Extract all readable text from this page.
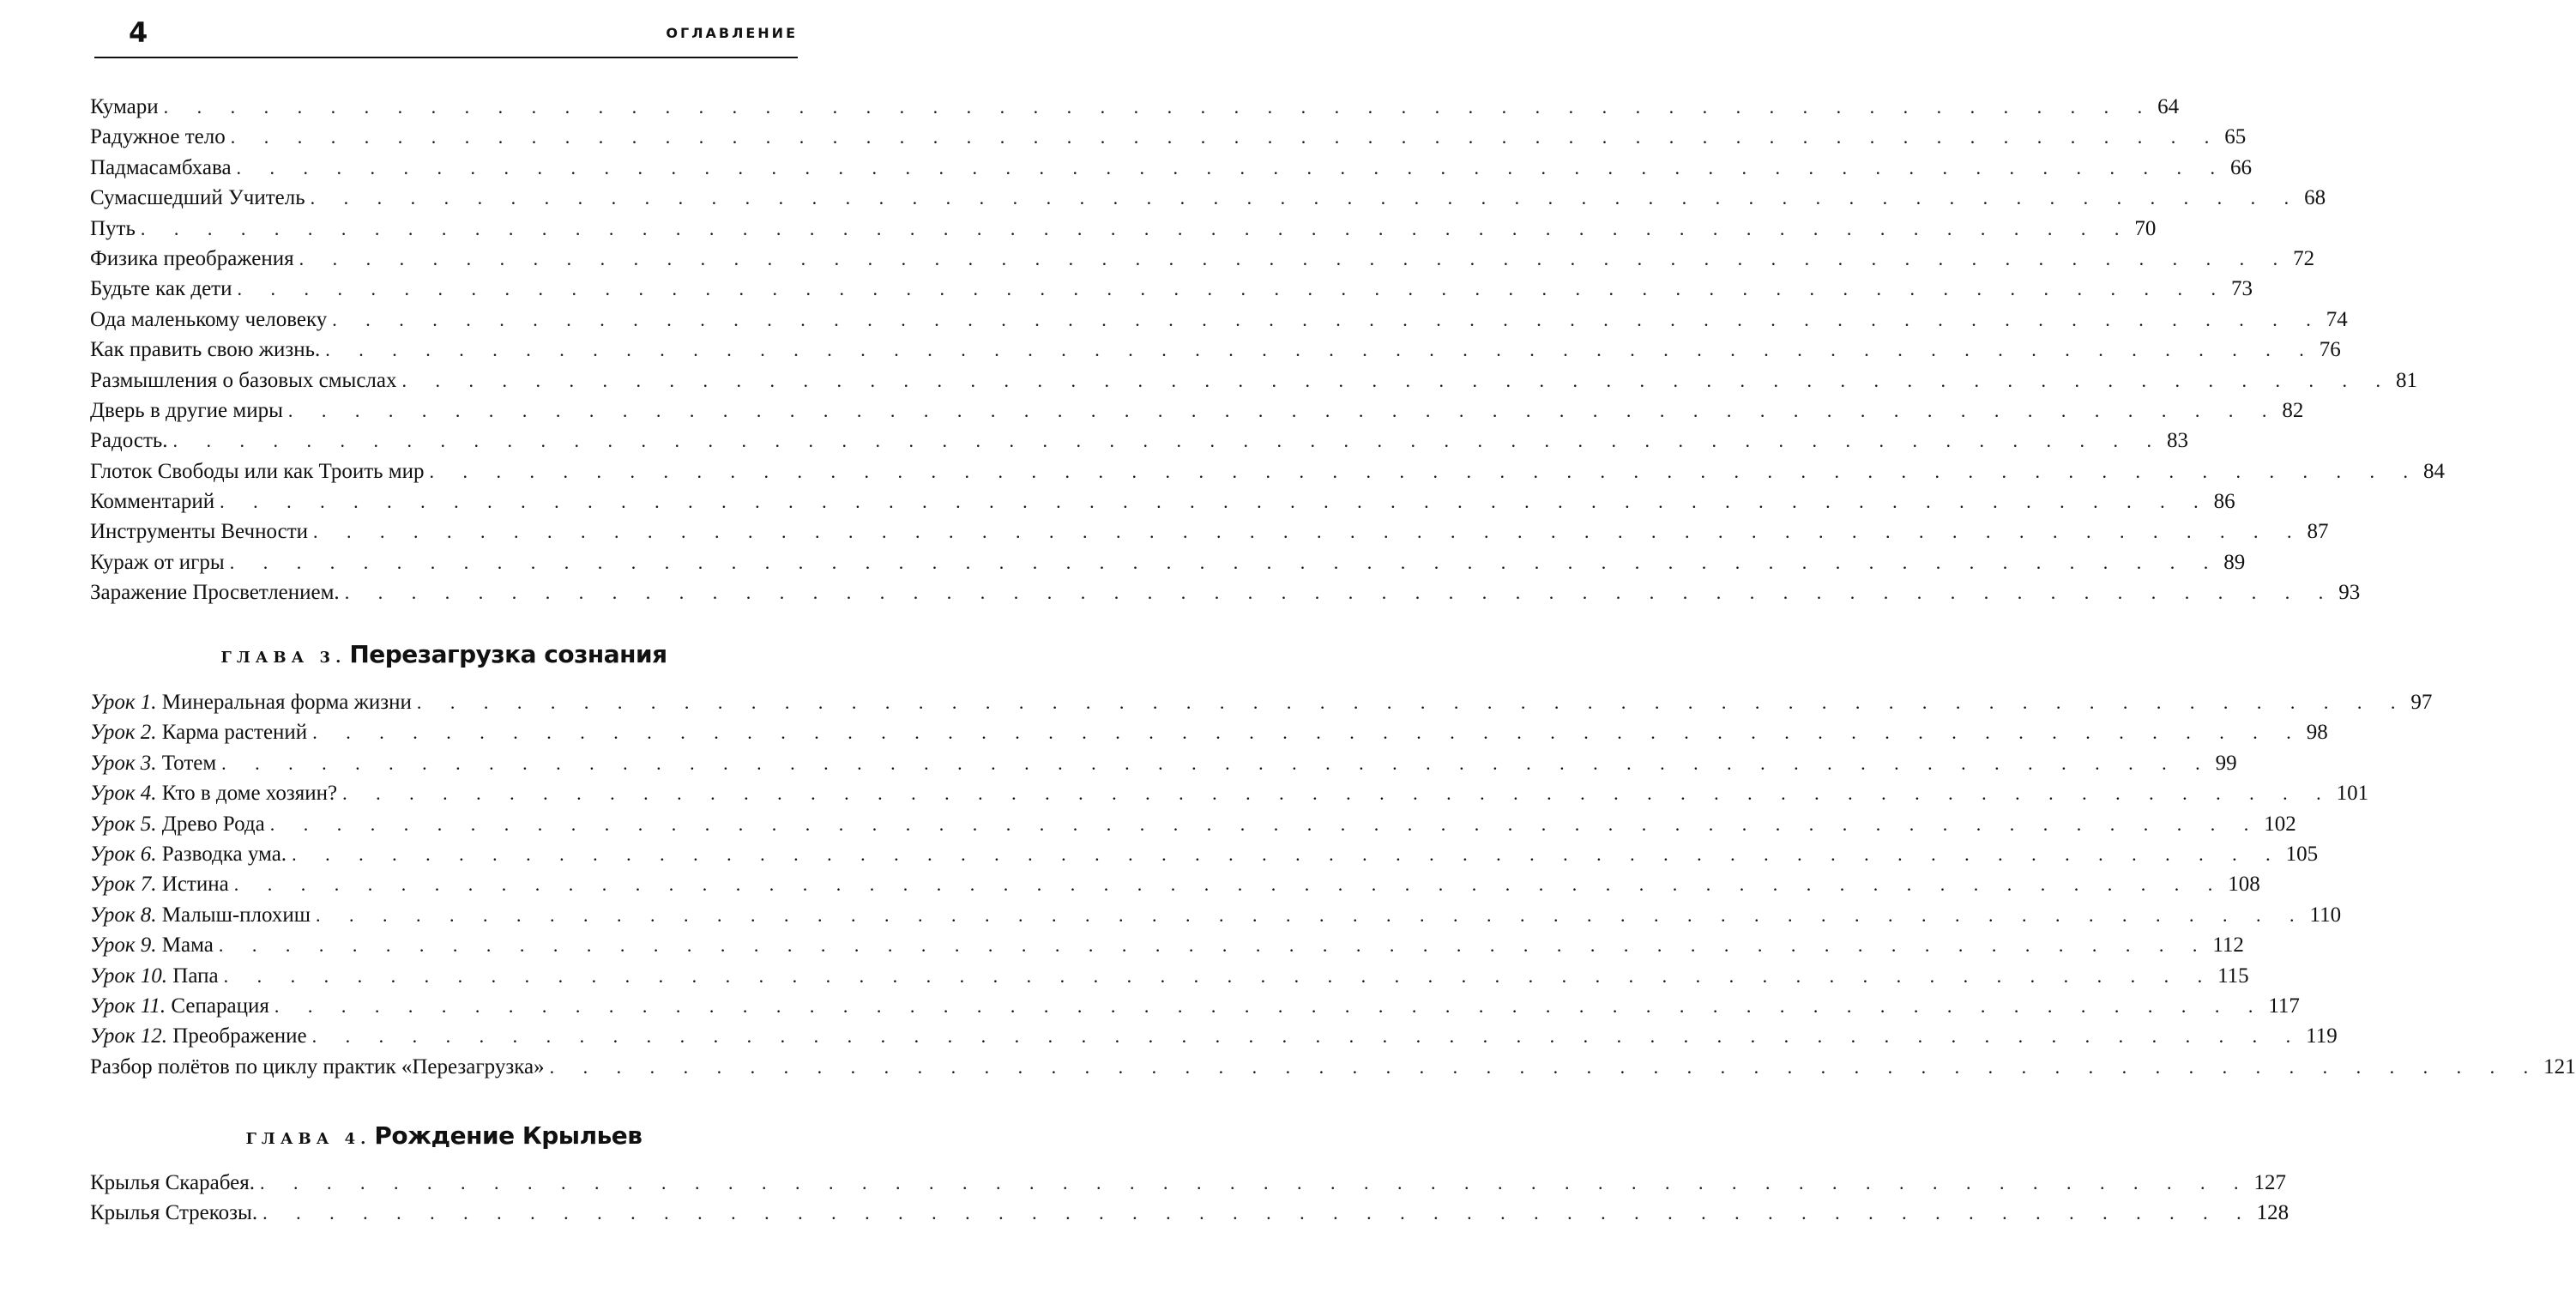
4	ОГЛАВЛЕНИЕ
Кумари . . . . . . . . . . . . . . . . . . . . . . . . . . . . . . . . . . . . . . . . . . . . . . . . . . . . . . . . . . . . 64
Радужное тело . . . . . . . . . . . . . . . . . . . . . . . . . . . . . . . . . . . . . . . . . . . . . . . . . . . . . . . . . . . . 65
Падмасамбхава . . . . . . . . . . . . . . . . . . . . . . . . . . . . . . . . . . . . . . . . . . . . . . . . . . . . . . . . . . . . 66
Сумасшедший Учитель . . . . . . . . . . . . . . . . . . . . . . . . . . . . . . . . . . . . . . . . . . . . . . . . . . . . . . . . . . . . 68
Путь . . . . . . . . . . . . . . . . . . . . . . . . . . . . . . . . . . . . . . . . . . . . . . . . . . . . . . . . . . . . 70
Физика преображения . . . . . . . . . . . . . . . . . . . . . . . . . . . . . . . . . . . . . . . . . . . . . . . . . . . . . . . . . . . . 72
Будьте как дети . . . . . . . . . . . . . . . . . . . . . . . . . . . . . . . . . . . . . . . . . . . . . . . . . . . . . . . . . . . . 73
Ода маленькому человеку . . . . . . . . . . . . . . . . . . . . . . . . . . . . . . . . . . . . . . . . . . . . . . . . . . . . . . . . . . . . 74
Как править свою жизнь. . . . . . . . . . . . . . . . . . . . . . . . . . . . . . . . . . . . . . . . . . . . . . . . . . . . . . . . . . . . . 76
Размышления о базовых смыслах . . . . . . . . . . . . . . . . . . . . . . . . . . . . . . . . . . . . . . . . . . . . . . . . . . . . . . . . . . . . 81
Дверь в другие миры . . . . . . . . . . . . . . . . . . . . . . . . . . . . . . . . . . . . . . . . . . . . . . . . . . . . . . . . . . . . 82
Радость. . . . . . . . . . . . . . . . . . . . . . . . . . . . . . . . . . . . . . . . . . . . . . . . . . . . . . . . . . . . . 83
Глоток Свободы или как Троить мир . . . . . . . . . . . . . . . . . . . . . . . . . . . . . . . . . . . . . . . . . . . . . . . . . . . . . . . . . . . . 84
Комментарий . . . . . . . . . . . . . . . . . . . . . . . . . . . . . . . . . . . . . . . . . . . . . . . . . . . . . . . . . . . . 86
Инструменты Вечности . . . . . . . . . . . . . . . . . . . . . . . . . . . . . . . . . . . . . . . . . . . . . . . . . . . . . . . . . . . . 87
Кураж от игры . . . . . . . . . . . . . . . . . . . . . . . . . . . . . . . . . . . . . . . . . . . . . . . . . . . . . . . . . . . . 89
Заражение Просветлением. . . . . . . . . . . . . . . . . . . . . . . . . . . . . . . . . . . . . . . . . . . . . . . . . . . . . . . . . . . . . 93
ГЛАВА 3. Перезагрузка сознания
Урок 1. Минеральная форма жизни . . . . . . . . . . . . . . . . . . . . . . . . . . . . . . . . . . . . . . . . . . . . . . . . . . . . . . . . . . . . 97
Урок 2. Карма растений . . . . . . . . . . . . . . . . . . . . . . . . . . . . . . . . . . . . . . . . . . . . . . . . . . . . . . . . . . . . 98
Урок 3. Тотем . . . . . . . . . . . . . . . . . . . . . . . . . . . . . . . . . . . . . . . . . . . . . . . . . . . . . . . . . . . . 99
Урок 4. Кто в доме хозяин? . . . . . . . . . . . . . . . . . . . . . . . . . . . . . . . . . . . . . . . . . . . . . . . . . . . . . . . . . . . . 101
Урок 5. Древо Рода . . . . . . . . . . . . . . . . . . . . . . . . . . . . . . . . . . . . . . . . . . . . . . . . . . . . . . . . . . . . 102
Урок 6. Разводка ума. . . . . . . . . . . . . . . . . . . . . . . . . . . . . . . . . . . . . . . . . . . . . . . . . . . . . . . . . . . . . 105
Урок 7. Истина . . . . . . . . . . . . . . . . . . . . . . . . . . . . . . . . . . . . . . . . . . . . . . . . . . . . . . . . . . . . 108
Урок 8. Малыш-плохиш . . . . . . . . . . . . . . . . . . . . . . . . . . . . . . . . . . . . . . . . . . . . . . . . . . . . . . . . . . . . 110
Урок 9. Мама . . . . . . . . . . . . . . . . . . . . . . . . . . . . . . . . . . . . . . . . . . . . . . . . . . . . . . . . . . . . 112
Урок 10. Папа . . . . . . . . . . . . . . . . . . . . . . . . . . . . . . . . . . . . . . . . . . . . . . . . . . . . . . . . . . . . 115
Урок 11. Сепарация . . . . . . . . . . . . . . . . . . . . . . . . . . . . . . . . . . . . . . . . . . . . . . . . . . . . . . . . . . . . 117
Урок 12. Преображение . . . . . . . . . . . . . . . . . . . . . . . . . . . . . . . . . . . . . . . . . . . . . . . . . . . . . . . . . . . . 119
Разбор полётов по циклу практик «Перезагрузка» . . . . . . . . . . . . . . . . . . . . . . . . . . . . . . . . . . . . . . . . . . . . . . . . . . . . . . . . . . . . 121
ГЛАВА 4. Рождение Крыльев
Крылья Скарабея. . . . . . . . . . . . . . . . . . . . . . . . . . . . . . . . . . . . . . . . . . . . . . . . . . . . . . . . . . . . . 127
Крылья Стрекозы. . . . . . . . . . . . . . . . . . . . . . . . . . . . . . . . . . . . . . . . . . . . . . . . . . . . . . . . . . . . . 128
